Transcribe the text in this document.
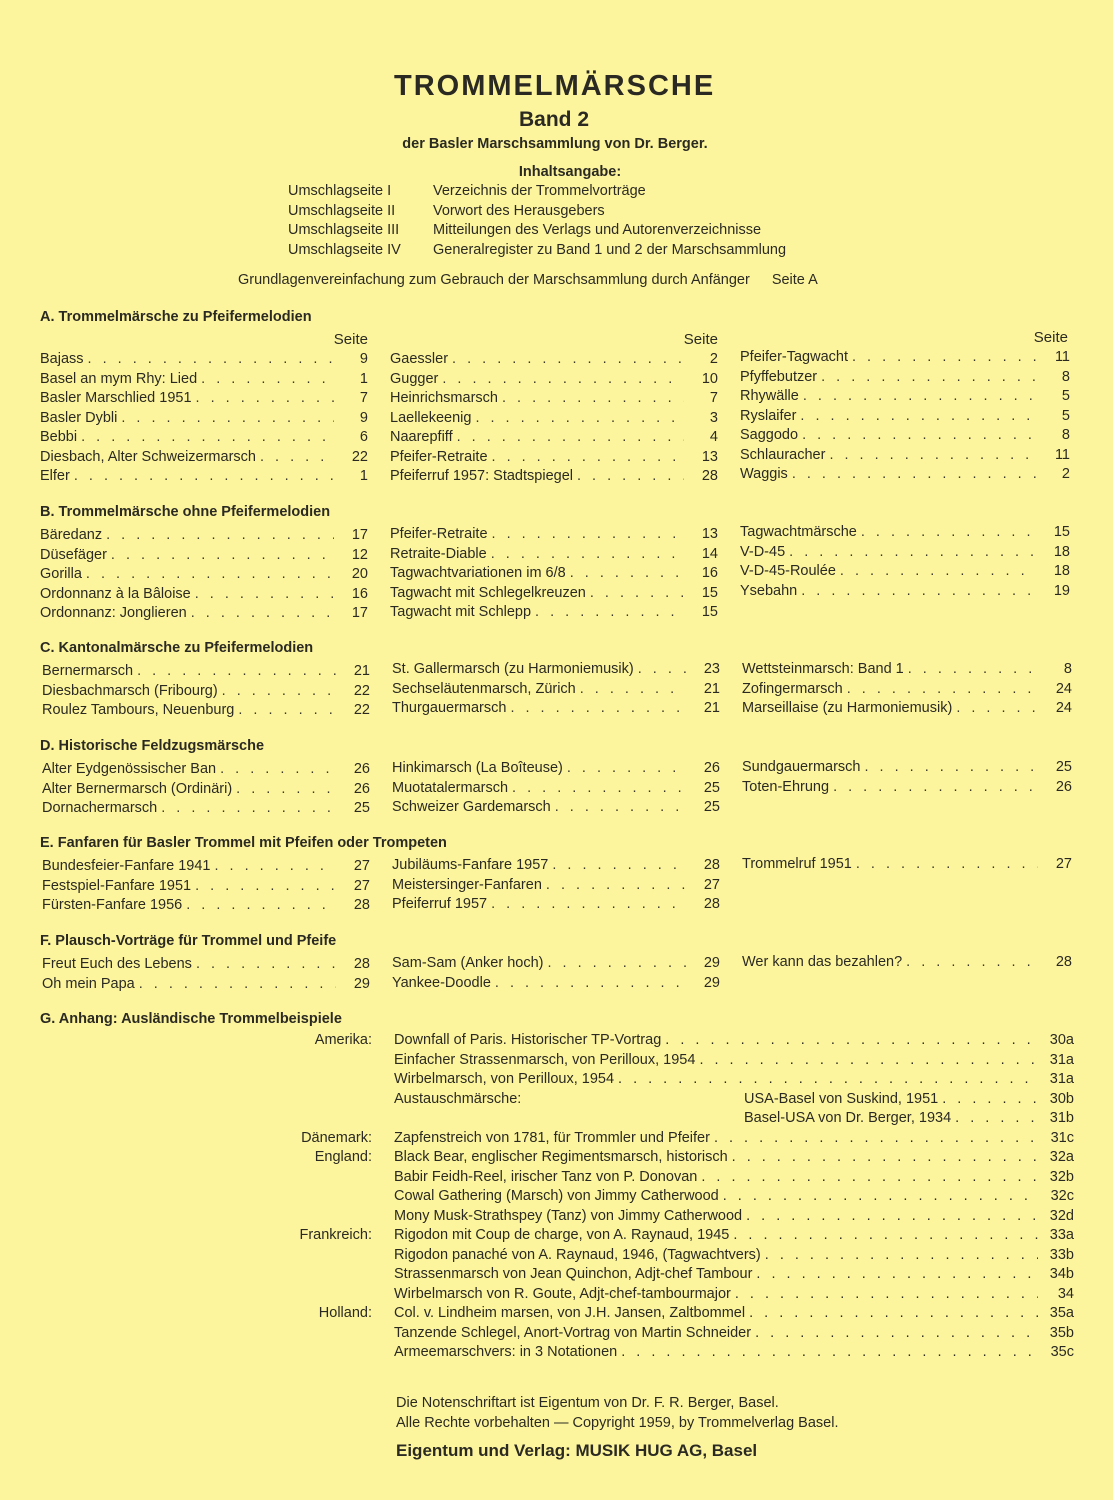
TROMMELMÄRSCHE
Band 2
der Basler Marschsammlung von Dr. Berger.
Inhaltsangabe:
Umschlagseite I	Verzeichnis der Trommelvorträge
Umschlagseite II	Vorwort des Herausgebers
Umschlagseite III Mitteilungen des Verlags und Autorenverzeichnisse
Umschlagseite IV Generalregister zu Band 1 und 2 der Marschsammlung
Grundlagenvereinfachung zum Gebrauch der Marschsammlung durch Anfänger Seite A
A. Trommelmärsche zu Pfeifermelodien
Seite	Seite	Seite
Bajass . . .	9
Basel an mym Rhy: Lied . . .	1
Basler Marschlied 1951 . . .	7
Basler Dybli . . .	9
Bebbi . . .	6
Diesbach, Alter Schweizermarsch . . .	22
Elfer . . .	1
Gaessler . . .	2
Gugger . . .	10
Heinrichsmarsch . . .	7
Laellekeenig . . .	3
Naarepfiff . . .	4
Pfeifer-Retraite . . .	13
Pfeiferruf 1957: Stadtspiegel . . .	28
Pfeifer-Tagwacht . . .	11
Pfyffebutzer . . .	8
Rhywälle . . .	5
Ryslaifer . . .	5
Saggodo . . .	8
Schlauracher . . .	11
Waggis . . .	2
B. Trommelmärsche ohne Pfeifermelodien
Bäredanz . . .	17
Düsefäger . . .	12
Gorilla . . .	20
Ordonnanz à la Bâloise . . .	16
Ordonnanz: Jonglieren . . .	17
Pfeifer-Retraite . . .	13
Retraite-Diable . . .	14
Tagwachtvariationen im 6/8 . . .	16
Tagwacht mit Schlegelkreuzen . . .	15
Tagwacht mit Schlepp . . .	15
Tagwachtmärsche . . .	15
V-D-45 . . .	18
V-D-45-Roulée . . .	18
Ysebahn . . .	19
C. Kantonalmärsche zu Pfeifermelodien
Bernermarsch . . .	21
Diesbachmarsch (Fribourg) . . .	22
Roulez Tambours, Neuenburg . . .	22
St. Gallermarsch (zu Harmoniemusik) . . .	23
Sechseläutenmarsch, Zürich . . .	21
Thurgauermarsch . . .	21
Wettsteinmarsch: Band 1 . . .	8
Zofingermarsch . . .	24
Marseillaise (zu Harmoniemusik) . . .	24
D. Historische Feldzugsmärsche
Alter Eydgenössischer Ban . . .	26
Alter Bernermarsch (Ordinäri) . . .	26
Dornachermarsch . . .	25
Hinkimarsch (La Boîteuse) . . .	26
Muotatalermarsch . . .	25
Schweizer Gardemarsch . . .	25
Sundgauermarsch . . .	25
Toten-Ehrung . . .	26
E. Fanfaren für Basler Trommel mit Pfeifen oder Trompeten
Bundesfeier-Fanfare 1941 . . .	27
Festspiel-Fanfare 1951 . . .	27
Fürsten-Fanfare 1956 . . .	28
Jubiläums-Fanfare 1957 . . .	28
Meistersinger-Fanfaren . . .	27
Pfeiferruf 1957 . . .	28
Trommelruf 1951 . . .	27
F. Plausch-Vorträge für Trommel und Pfeife
Freut Euch des Lebens . . .	28
Oh mein Papa . . .	29
Sam-Sam (Anker hoch) . . .	29
Yankee-Doodle . . .	29
Wer kann das bezahlen? . . .	28
G. Anhang: Ausländische Trommelbeispiele
Amerika: Downfall of Paris. Historischer TP-Vortrag . . .	30a
Einfacher Strassenmarsch, von Perilloux, 1954 . . .	31a
Wirbelmarsch, von Perilloux, 1954 . . .	31a
Austauschmärsche:	USA-Basel von Suskind, 1951 . . .	30b
Basel-USA von Dr. Berger, 1934 . . .	31b
Dänemark: Zapfenstreich von 1781, für Trommler und Pfeifer . . .	31c
England: Black Bear, englischer Regimentsmarsch, historisch . . .	32a
Babir Feidh-Reel, irischer Tanz von P. Donovan . . .	32b
Cowal Gathering (Marsch) von Jimmy Catherwood . . .	32c
Mony Musk-Strathspey (Tanz) von Jimmy Catherwood . . .	32d
Frankreich: Rigodon mit Coup de charge, von A. Raynaud, 1945 . . .	33a
Rigodon panaché von A. Raynaud, 1946, (Tagwachtvers) . . .	33b
Strassenmarsch von Jean Quinchon, Adjt-chef Tambour . . .	34b
Wirbelmarsch von R. Goute, Adjt-chef-tambourmajor . . .	34
Holland: Col. v. Lindheim marsen, von J.H. Jansen, Zaltbommel . . .	35a
Tanzende Schlegel, Anort-Vortrag von Martin Schneider . . .	35b
Armeemarschvers: in 3 Notationen . . .	35c
Die Notenschriftart ist Eigentum von Dr. F. R. Berger, Basel.
Alle Rechte vorbehalten — Copyright 1959, by Trommelverlag Basel.
Eigentum und Verlag: MUSIK HUG AG, Basel
